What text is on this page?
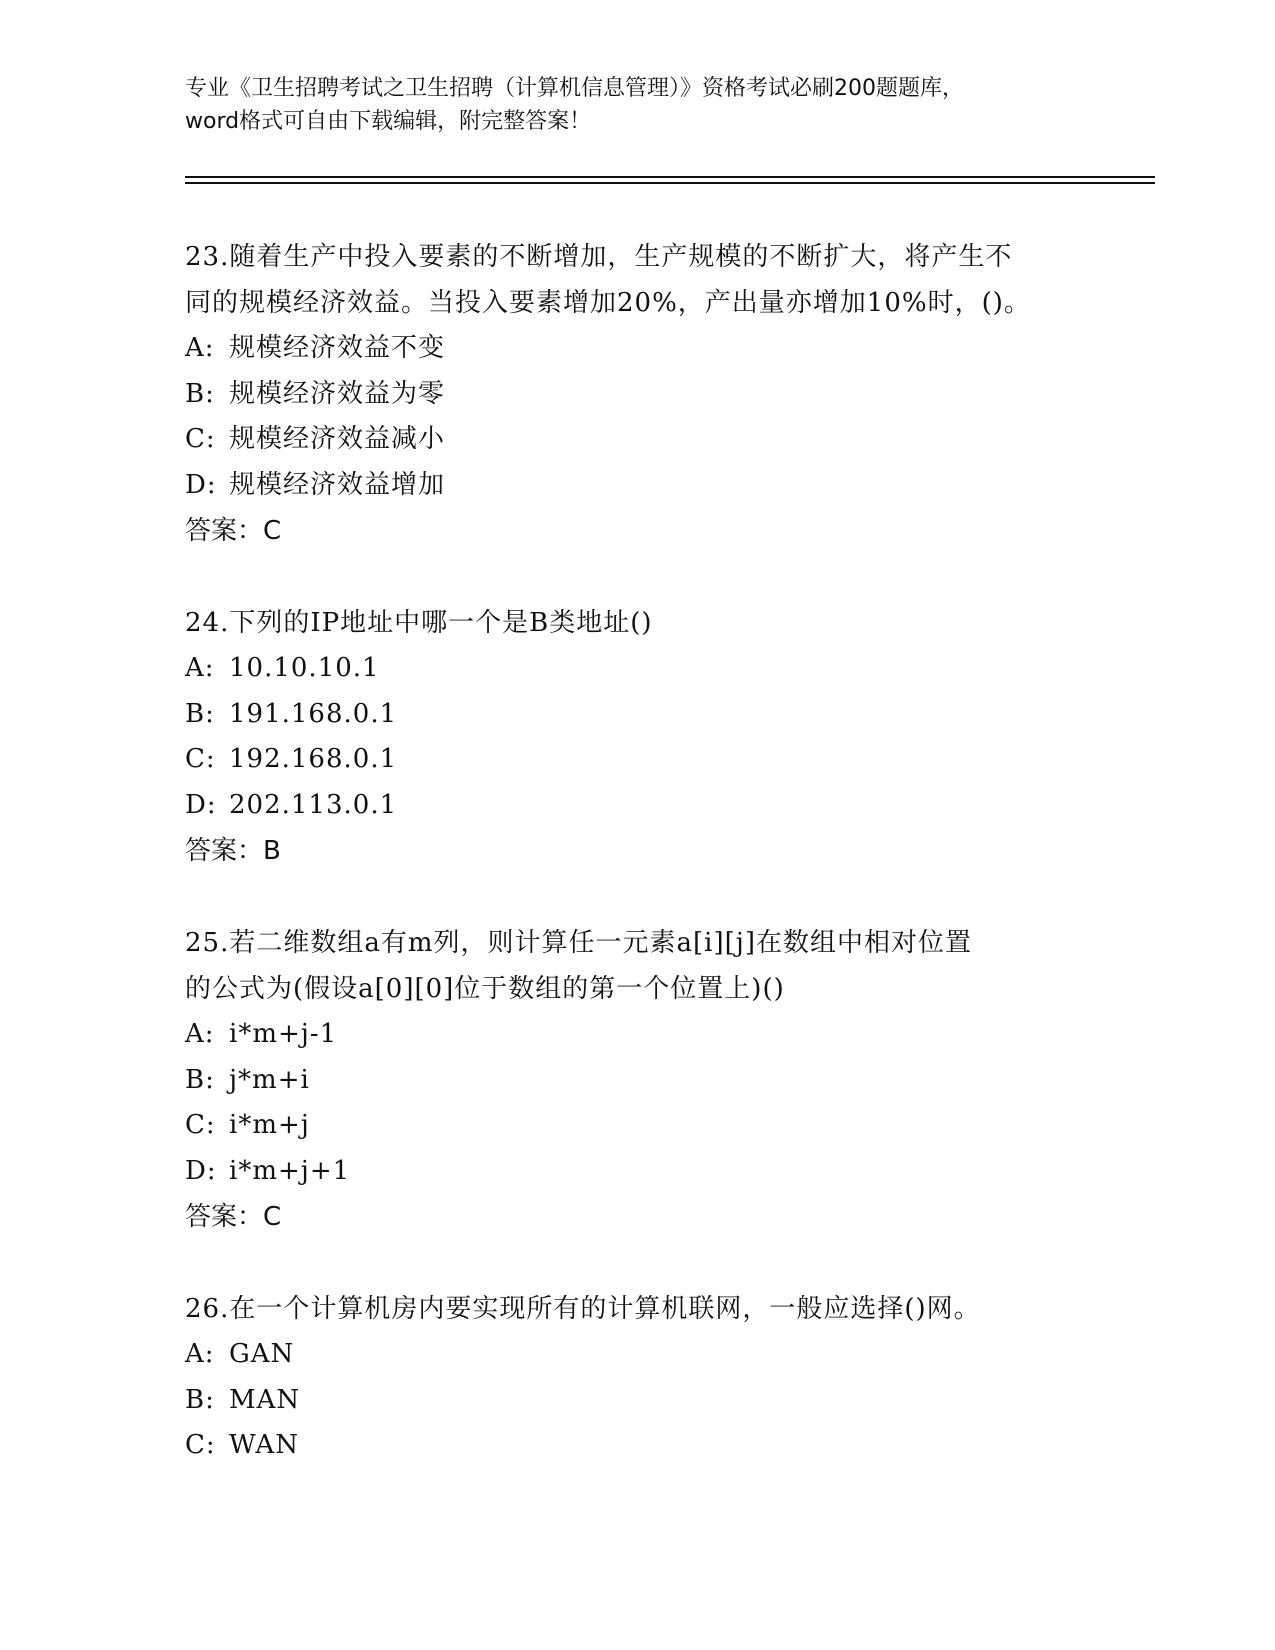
专业《卫生招聘考试之卫生招聘（计算机信息管理）》资格考试必刷200题题库，

word格式可自由下载编辑，附完整答案！

23.随着生产中投入要素的不断增加，生产规模的不断扩大，将产生不

同的规模经济效益。当投入要素增加20%，产出量亦增加10%时，()。

A: 规模经济效益不变
B: 规模经济效益为零
C: 规模经济效益减小
D: 规模经济效益增加

答案：C

24.下列的IP地址中哪一个是B类地址()

A: 10.10.10.1
B: 191.168.0.1
C: 192.168.0.1
D: 202.113.0.1

答案：B

25.若二维数组a有m列，则计算任一元素a[i][j]在数组中相对位置

的公式为(假设a[0][0]位于数组的第一个位置上)()

A: i*m+j-1
B: j*m+i
C: i*m+j
D: i*m+j+1

答案：C

26.在一个计算机房内要实现所有的计算机联网，一般应选择()网。

A: GAN
B: MAN
C: WAN
